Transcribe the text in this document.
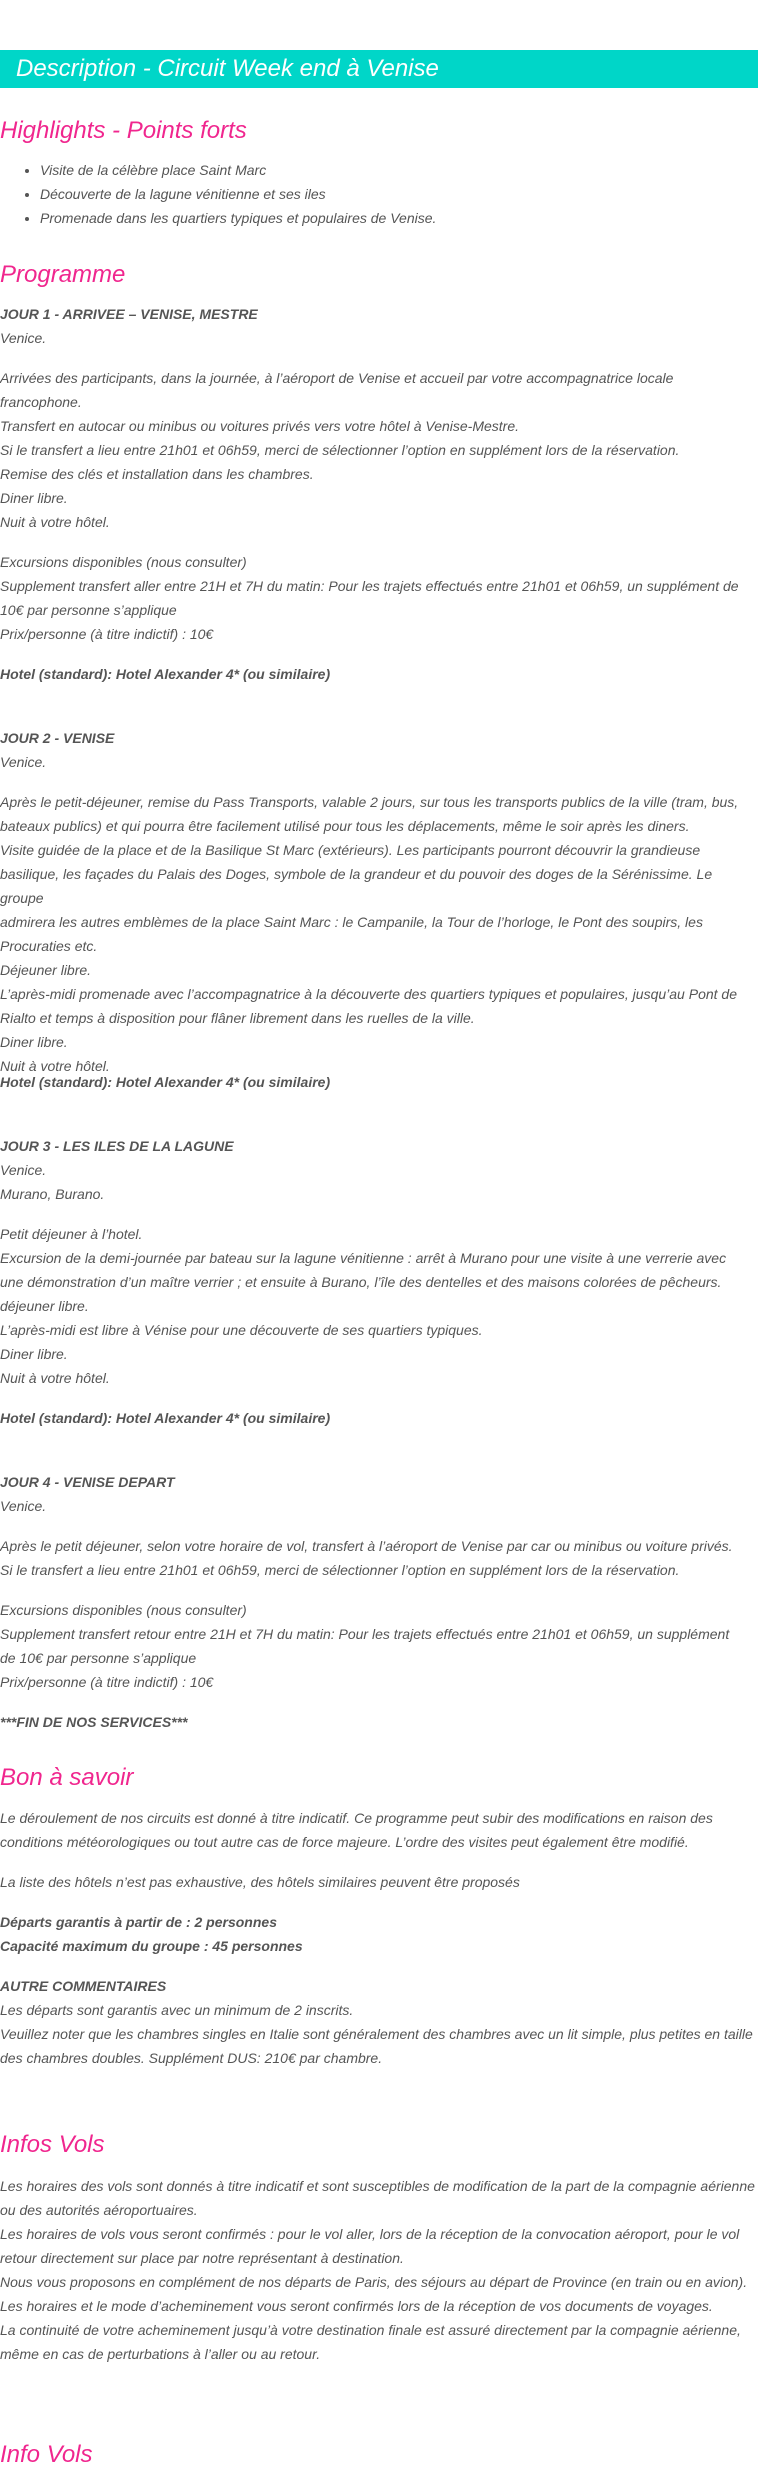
Description - Circuit Week end à Venise
Highlights - Points forts
• Visite de la célèbre place Saint Marc
• Découverte de la lagune vénitienne et ses iles
• Promenade dans les quartiers typiques et populaires de Venise.
Programme

JOUR 1 - ARRIVEE – VENISE, MESTRE

Venice.

Arrivées des participants, dans la journée, à l’aéroport de Venise et accueil par votre accompagnatrice locale

francophone.

Transfert en autocar ou minibus ou voitures privés vers votre hôtel à Venise-Mestre.

Si le transfert a lieu entre 21h01 et 06h59, merci de sélectionner l’option en supplément lors de la réservation.

Remise des clés et installation dans les chambres.

Diner libre.

Nuit à votre hôtel.

Excursions disponibles (nous consulter)

Supplement transfert aller entre 21H et 7H du matin: Pour les trajets effectués entre 21h01 et 06h59, un supplément de

10€ par personne s’applique

Prix/personne (à titre indictif) : 10€

Hotel (standard): Hotel Alexander 4* (ou similaire)

JOUR 2 - VENISE

Venice.

Après le petit-déjeuner, remise du Pass Transports, valable 2 jours, sur tous les transports publics de la ville (tram, bus,

bateaux publics) et qui pourra être facilement utilisé pour tous les déplacements, même le soir après les diners.

Visite guidée de la place et de la Basilique St Marc (extérieurs). Les participants pourront découvrir la grandieuse

basilique, les façades du Palais des Doges, symbole de la grandeur et du pouvoir des doges de la Sérénissime. Le groupe

admirera les autres emblèmes de la place Saint Marc : le Campanile, la Tour de l’horloge, le Pont des soupirs, les

Procuraties etc.

Déjeuner libre.

L’après-midi promenade avec l’accompagnatrice à la découverte des quartiers typiques et populaires, jusqu’au Pont de

Rialto et temps à disposition pour flâner librement dans les ruelles de la ville.

Diner libre.

Nuit à votre hôtel.

Hotel (standard): Hotel Alexander 4* (ou similaire)

JOUR 3 - LES ILES DE LA LAGUNE

Venice.

Murano, Burano.

Petit déjeuner à l’hotel.

Excursion de la demi-journée par bateau sur la lagune vénitienne : arrêt à Murano pour une visite à une verrerie avec

une démonstration d’un maître verrier ; et ensuite à Burano, l’île des dentelles et des maisons colorées de pêcheurs.

déjeuner libre.

L’après-midi est libre à Vénise pour une découverte de ses quartiers typiques.

Diner libre.

Nuit à votre hôtel.

Hotel (standard): Hotel Alexander 4* (ou similaire)

JOUR 4 - VENISE DEPART

Venice.

Après le petit déjeuner, selon votre horaire de vol, transfert à l’aéroport de Venise par car ou minibus ou voiture privés.

Si le transfert a lieu entre 21h01 et 06h59, merci de sélectionner l’option en supplément lors de la réservation.

Excursions disponibles (nous consulter)

Supplement transfert retour entre 21H et 7H du matin: Pour les trajets effectués entre 21h01 et 06h59, un supplément

de 10€ par personne s’applique

Prix/personne (à titre indictif) : 10€

***FIN DE NOS SERVICES***
Bon à savoir

Le déroulement de nos circuits est donné à titre indicatif. Ce programme peut subir des modifications en raison des

conditions météorologiques ou tout autre cas de force majeure. L’ordre des visites peut également être modifié.

La liste des hôtels n’est pas exhaustive, des hôtels similaires peuvent être proposés

Départs garantis à partir de : 2 personnes

Capacité maximum du groupe : 45 personnes

AUTRE COMMENTAIRES

Les départs sont garantis avec un minimum de 2 inscrits.

Veuillez noter que les chambres singles en Italie sont généralement des chambres avec un lit simple, plus petites en taille

des chambres doubles. Supplément DUS: 210€ par chambre.

Infos Vols

Les horaires des vols sont donnés à titre indicatif et sont susceptibles de modification de la part de la compagnie aérienne

ou des autorités aéroportuaires.

Les horaires de vols vous seront confirmés : pour le vol aller, lors de la réception de la convocation aéroport, pour le vol

retour directement sur place par notre représentant à destination.

Nous vous proposons en complément de nos départs de Paris, des séjours au départ de Province (en train ou en avion).

Les horaires et le mode d’acheminement vous seront confirmés lors de la réception de vos documents de voyages.

La continuité de votre acheminement jusqu’à votre destination finale est assuré directement par la compagnie aérienne,

même en cas de perturbations à l’aller ou au retour.

Info Vols
